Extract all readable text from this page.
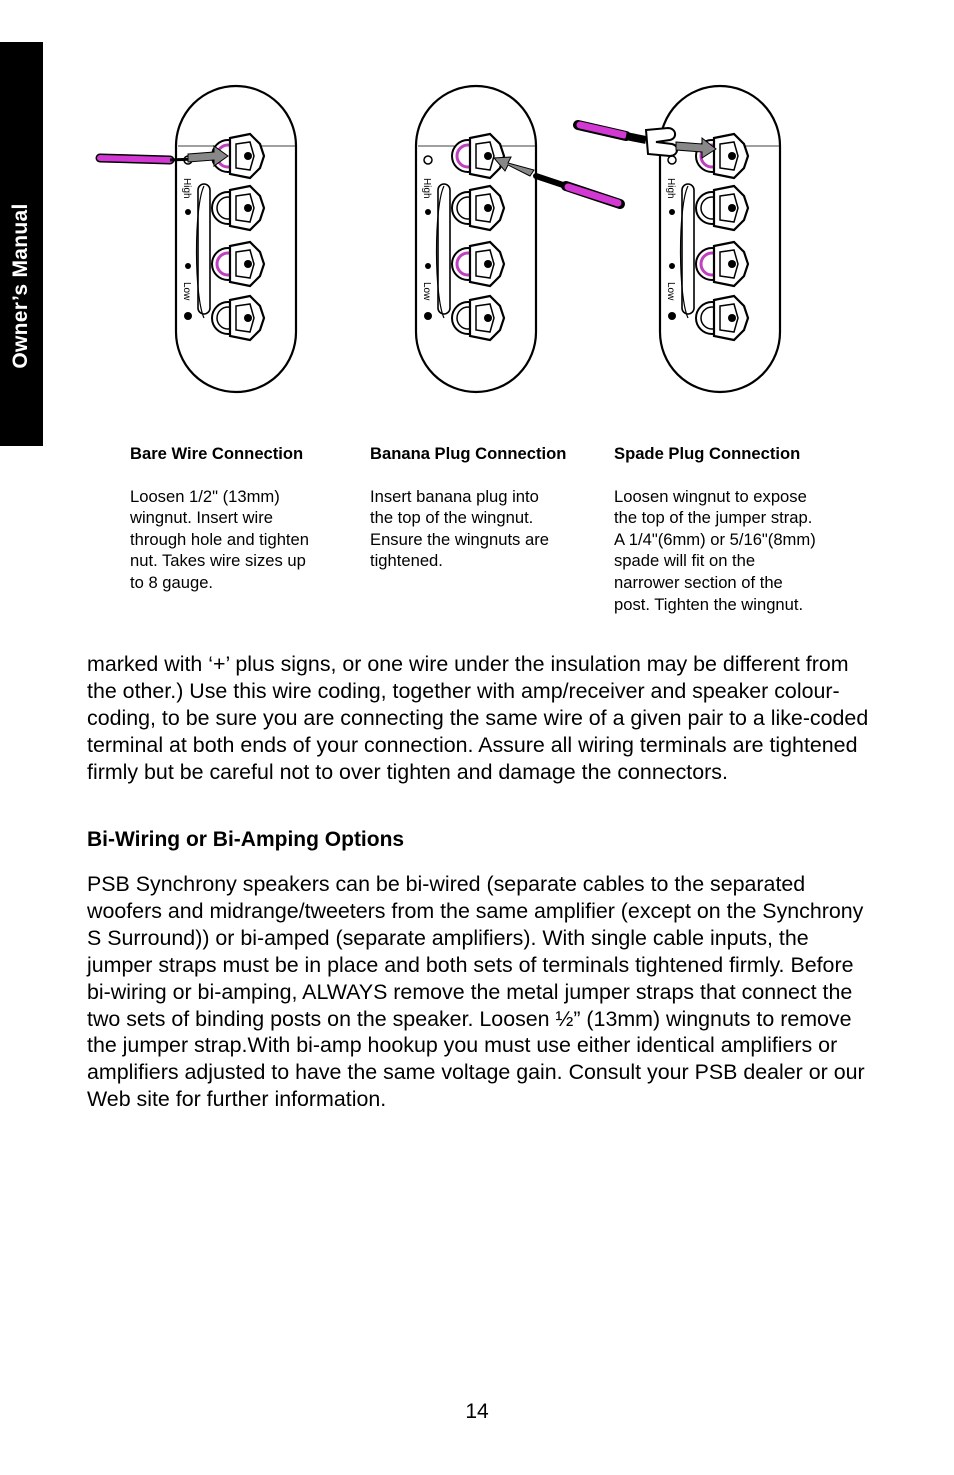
Owner’s Manual
High
Low
High
Low
High
Low

Bare Wire Connection

Loosen 1/2" (13mm)
wingnut. Insert wire
through hole and tighten
nut. Takes wire sizes up
to 8 gauge.

Banana Plug Connection

Insert banana plug into
the top of the wingnut.
Ensure the wingnuts are
tightened.

Spade Plug Connection

Loosen wingnut to expose
the top of the jumper strap.
A 1/4"(6mm) or 5/16"(8mm)
spade will fit on the
narrower section of the
post. Tighten the wingnut.

marked with ‘+’ plus signs, or one wire under the insulation may be different from the other.) Use this wire coding, together with amp/receiver and speaker colour-coding, to be sure you are connecting the same wire of a given pair to a like-coded terminal at both ends of your connection. Assure all wiring terminals are tightened firmly but be careful not to over tighten and damage the connectors.

Bi-Wiring or Bi-Amping Options

PSB Synchrony speakers can be bi-wired (separate cables to the separated woofers and midrange/tweeters from the same amplifier (except on the Synchrony S Surround)) or bi-amped (separate amplifiers). With single cable inputs, the jumper straps must be in place and both sets of terminals tightened firmly. Before bi-wiring or bi-amping, ALWAYS remove the metal jumper straps that connect the two sets of binding posts on the speaker. Loosen ½” (13mm) wingnuts to remove the jumper strap.With bi-amp hookup you must use either identical amplifiers or amplifiers adjusted to have the same voltage gain. Consult your PSB dealer or our Web site for further information.

14
